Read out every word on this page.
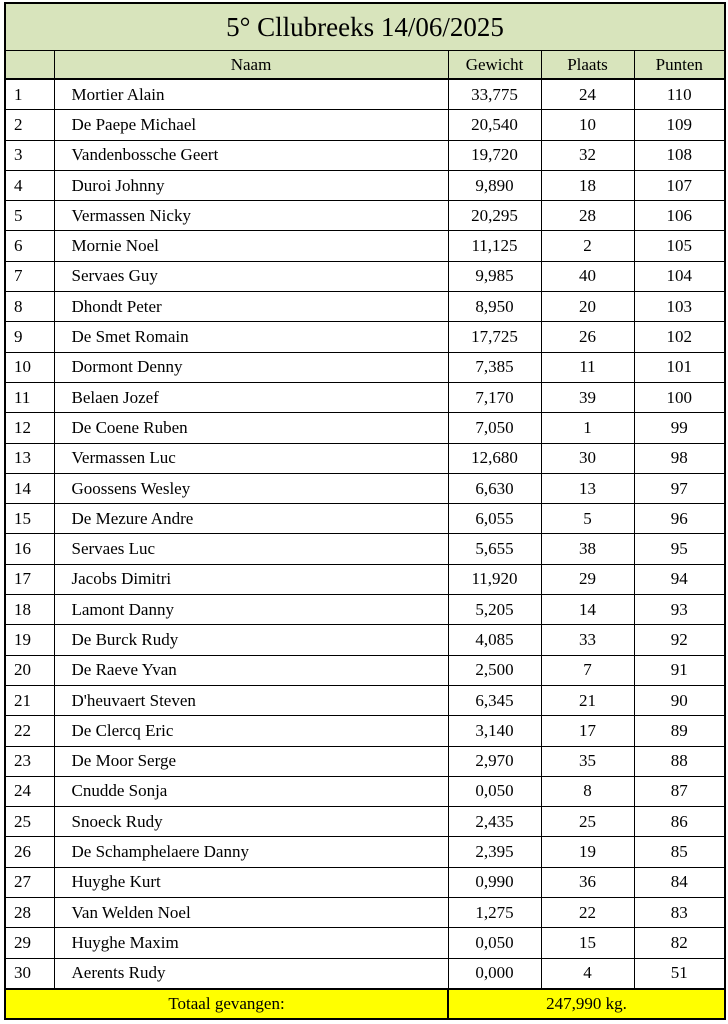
5° Cllubreeks 14/06/2025				
	Naam	Gewicht	Plaats	Punten
1	Mortier Alain	33,775	24	110
2	De Paepe Michael	20,540	10	109
3	Vandenbossche Geert	19,720	32	108
4	Duroi Johnny	9,890	18	107
5	Vermassen Nicky	20,295	28	106
6	Mornie Noel	11,125	2	105
7	Servaes Guy	9,985	40	104
8	Dhondt Peter	8,950	20	103
9	De Smet Romain	17,725	26	102
10	Dormont Denny	7,385	11	101
11	Belaen Jozef	7,170	39	100
12	De Coene Ruben	7,050	1	99
13	Vermassen Luc	12,680	30	98
14	Goossens Wesley	6,630	13	97
15	De Mezure Andre	6,055	5	96
16	Servaes Luc	5,655	38	95
17	Jacobs Dimitri	11,920	29	94
18	Lamont Danny	5,205	14	93
19	De Burck Rudy	4,085	33	92
20	De Raeve Yvan	2,500	7	91
21	D'heuvaert Steven	6,345	21	90
22	De Clercq Eric	3,140	17	89
23	De Moor Serge	2,970	35	88
24	Cnudde Sonja	0,050	8	87
25	Snoeck Rudy	2,435	25	86
26	De Schamphelaere Danny	2,395	19	85
27	Huyghe Kurt	0,990	36	84
28	Van Welden Noel	1,275	22	83
29	Huyghe Maxim	0,050	15	82
30	Aerents Rudy	0,000	4	51
Totaal gevangen:		247,990 kg.		
